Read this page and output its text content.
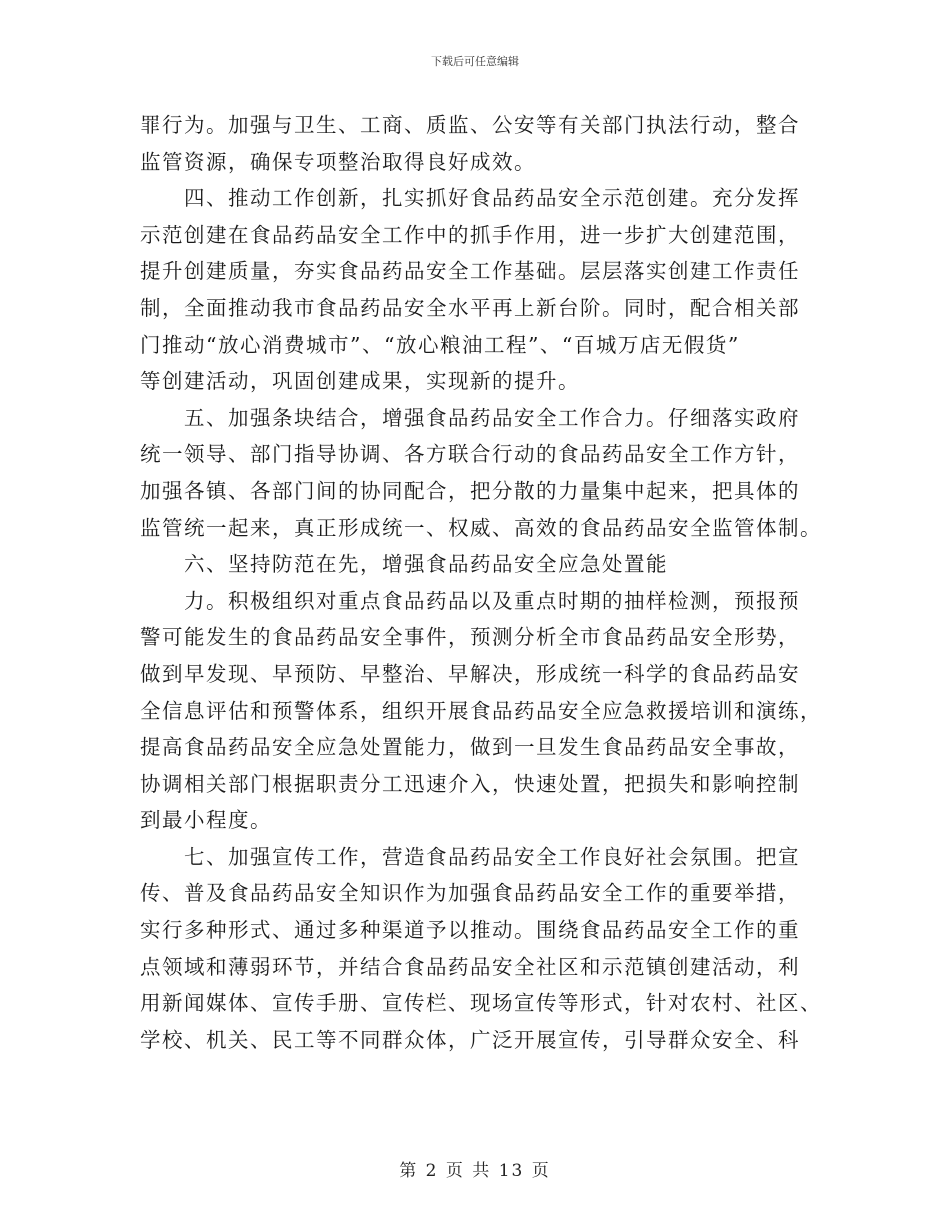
下载后可任意编辑
罪行为。加强与卫生、工商、质监、公安等有关部门执法行动，整合
监管资源，确保专项整治取得良好成效。
　　四、推动工作创新，扎实抓好食品药品安全示范创建。充分发挥
示范创建在食品药品安全工作中的抓手作用，进一步扩大创建范围，
提升创建质量，夯实食品药品安全工作基础。层层落实创建工作责任
制，全面推动我市食品药品安全水平再上新台阶。同时，配合相关部
门推动“放心消费城市”、“放心粮油工程”、“百城万店无假货”
等创建活动，巩固创建成果，实现新的提升。
　　五、加强条块结合，增强食品药品安全工作合力。仔细落实政府
统一领导、部门指导协调、各方联合行动的食品药品安全工作方针，
加强各镇、各部门间的协同配合，把分散的力量集中起来，把具体的
监管统一起来，真正形成统一、权威、高效的食品药品安全监管体制。
　　六、坚持防范在先，增强食品药品安全应急处置能
　　力。积极组织对重点食品药品以及重点时期的抽样检测，预报预
警可能发生的食品药品安全事件，预测分析全市食品药品安全形势，
做到早发现、早预防、早整治、早解决，形成统一科学的食品药品安
全信息评估和预警体系，组织开展食品药品安全应急救援培训和演练，
提高食品药品安全应急处置能力，做到一旦发生食品药品安全事故，
协调相关部门根据职责分工迅速介入，快速处置，把损失和影响控制
到最小程度。
　　七、加强宣传工作，营造食品药品安全工作良好社会氛围。把宣
传、普及食品药品安全知识作为加强食品药品安全工作的重要举措，
实行多种形式、通过多种渠道予以推动。围绕食品药品安全工作的重
点领域和薄弱环节，并结合食品药品安全社区和示范镇创建活动，利
用新闻媒体、宣传手册、宣传栏、现场宣传等形式，针对农村、社区、
学校、机关、民工等不同群众体，广泛开展宣传，引导群众安全、科
第 2 页 共 13 页
